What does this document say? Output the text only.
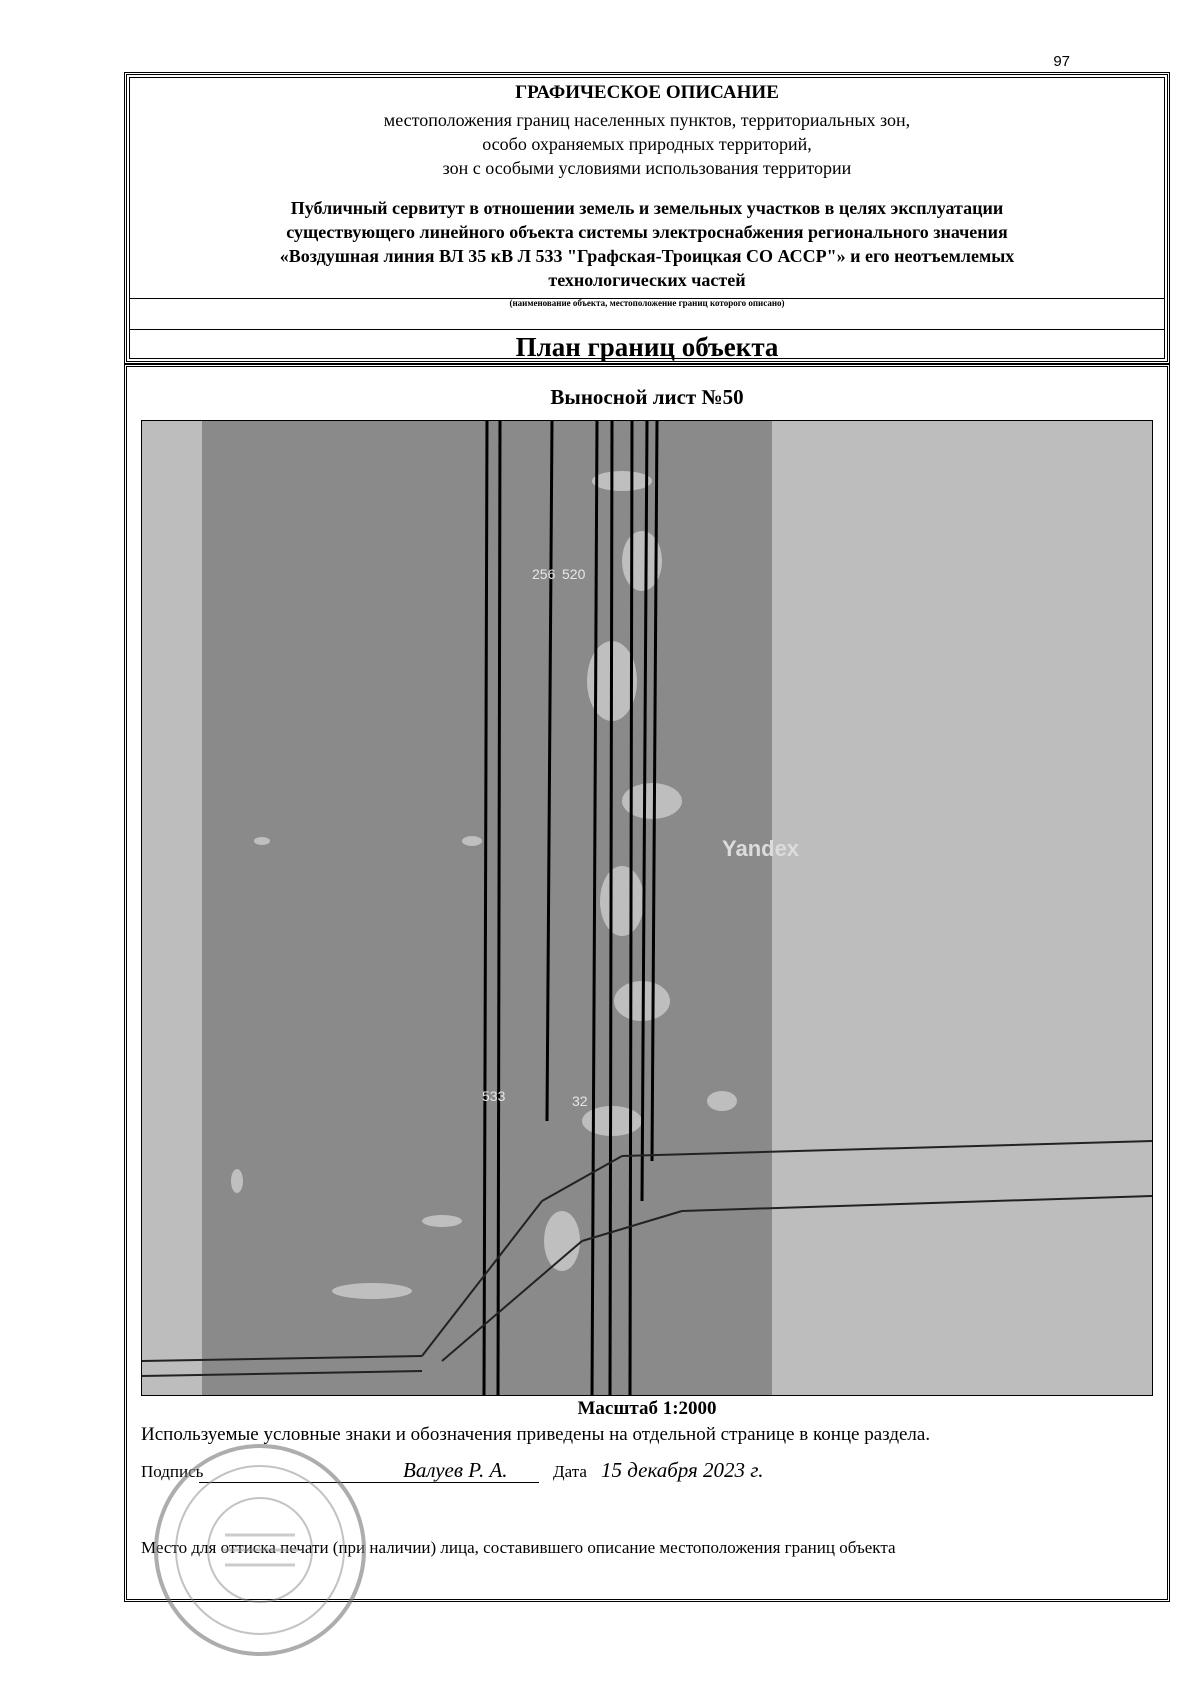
97
ГРАФИЧЕСКОЕ ОПИСАНИЕ
местоположения границ населенных пунктов, территориальных зон,
особо охраняемых природных территорий,
зон с особыми условиями использования территории
Публичный сервитут в отношении земель и земельных участков в целях эксплуатации
существующего линейного объекта системы электроснабжения регионального значения
«Воздушная линия ВЛ 35 кВ Л 533 "Графская-Троицкая СО АССР"» и его неотъемлемых
технологических частей
(наименование объекта, местоположение границ которого описано)
План границ объекта
Выносной лист №50
256 520
533	32
Yandex
Масштаб 1:2000
Используемые условные знаки и обозначения приведены на отдельной странице в конце раздела.
Подпись	Валуев Р. А.	Дата 15 декабря 2023 г.
Место для оттиска печати (при наличии) лица, составившего описание местоположения границ объекта
